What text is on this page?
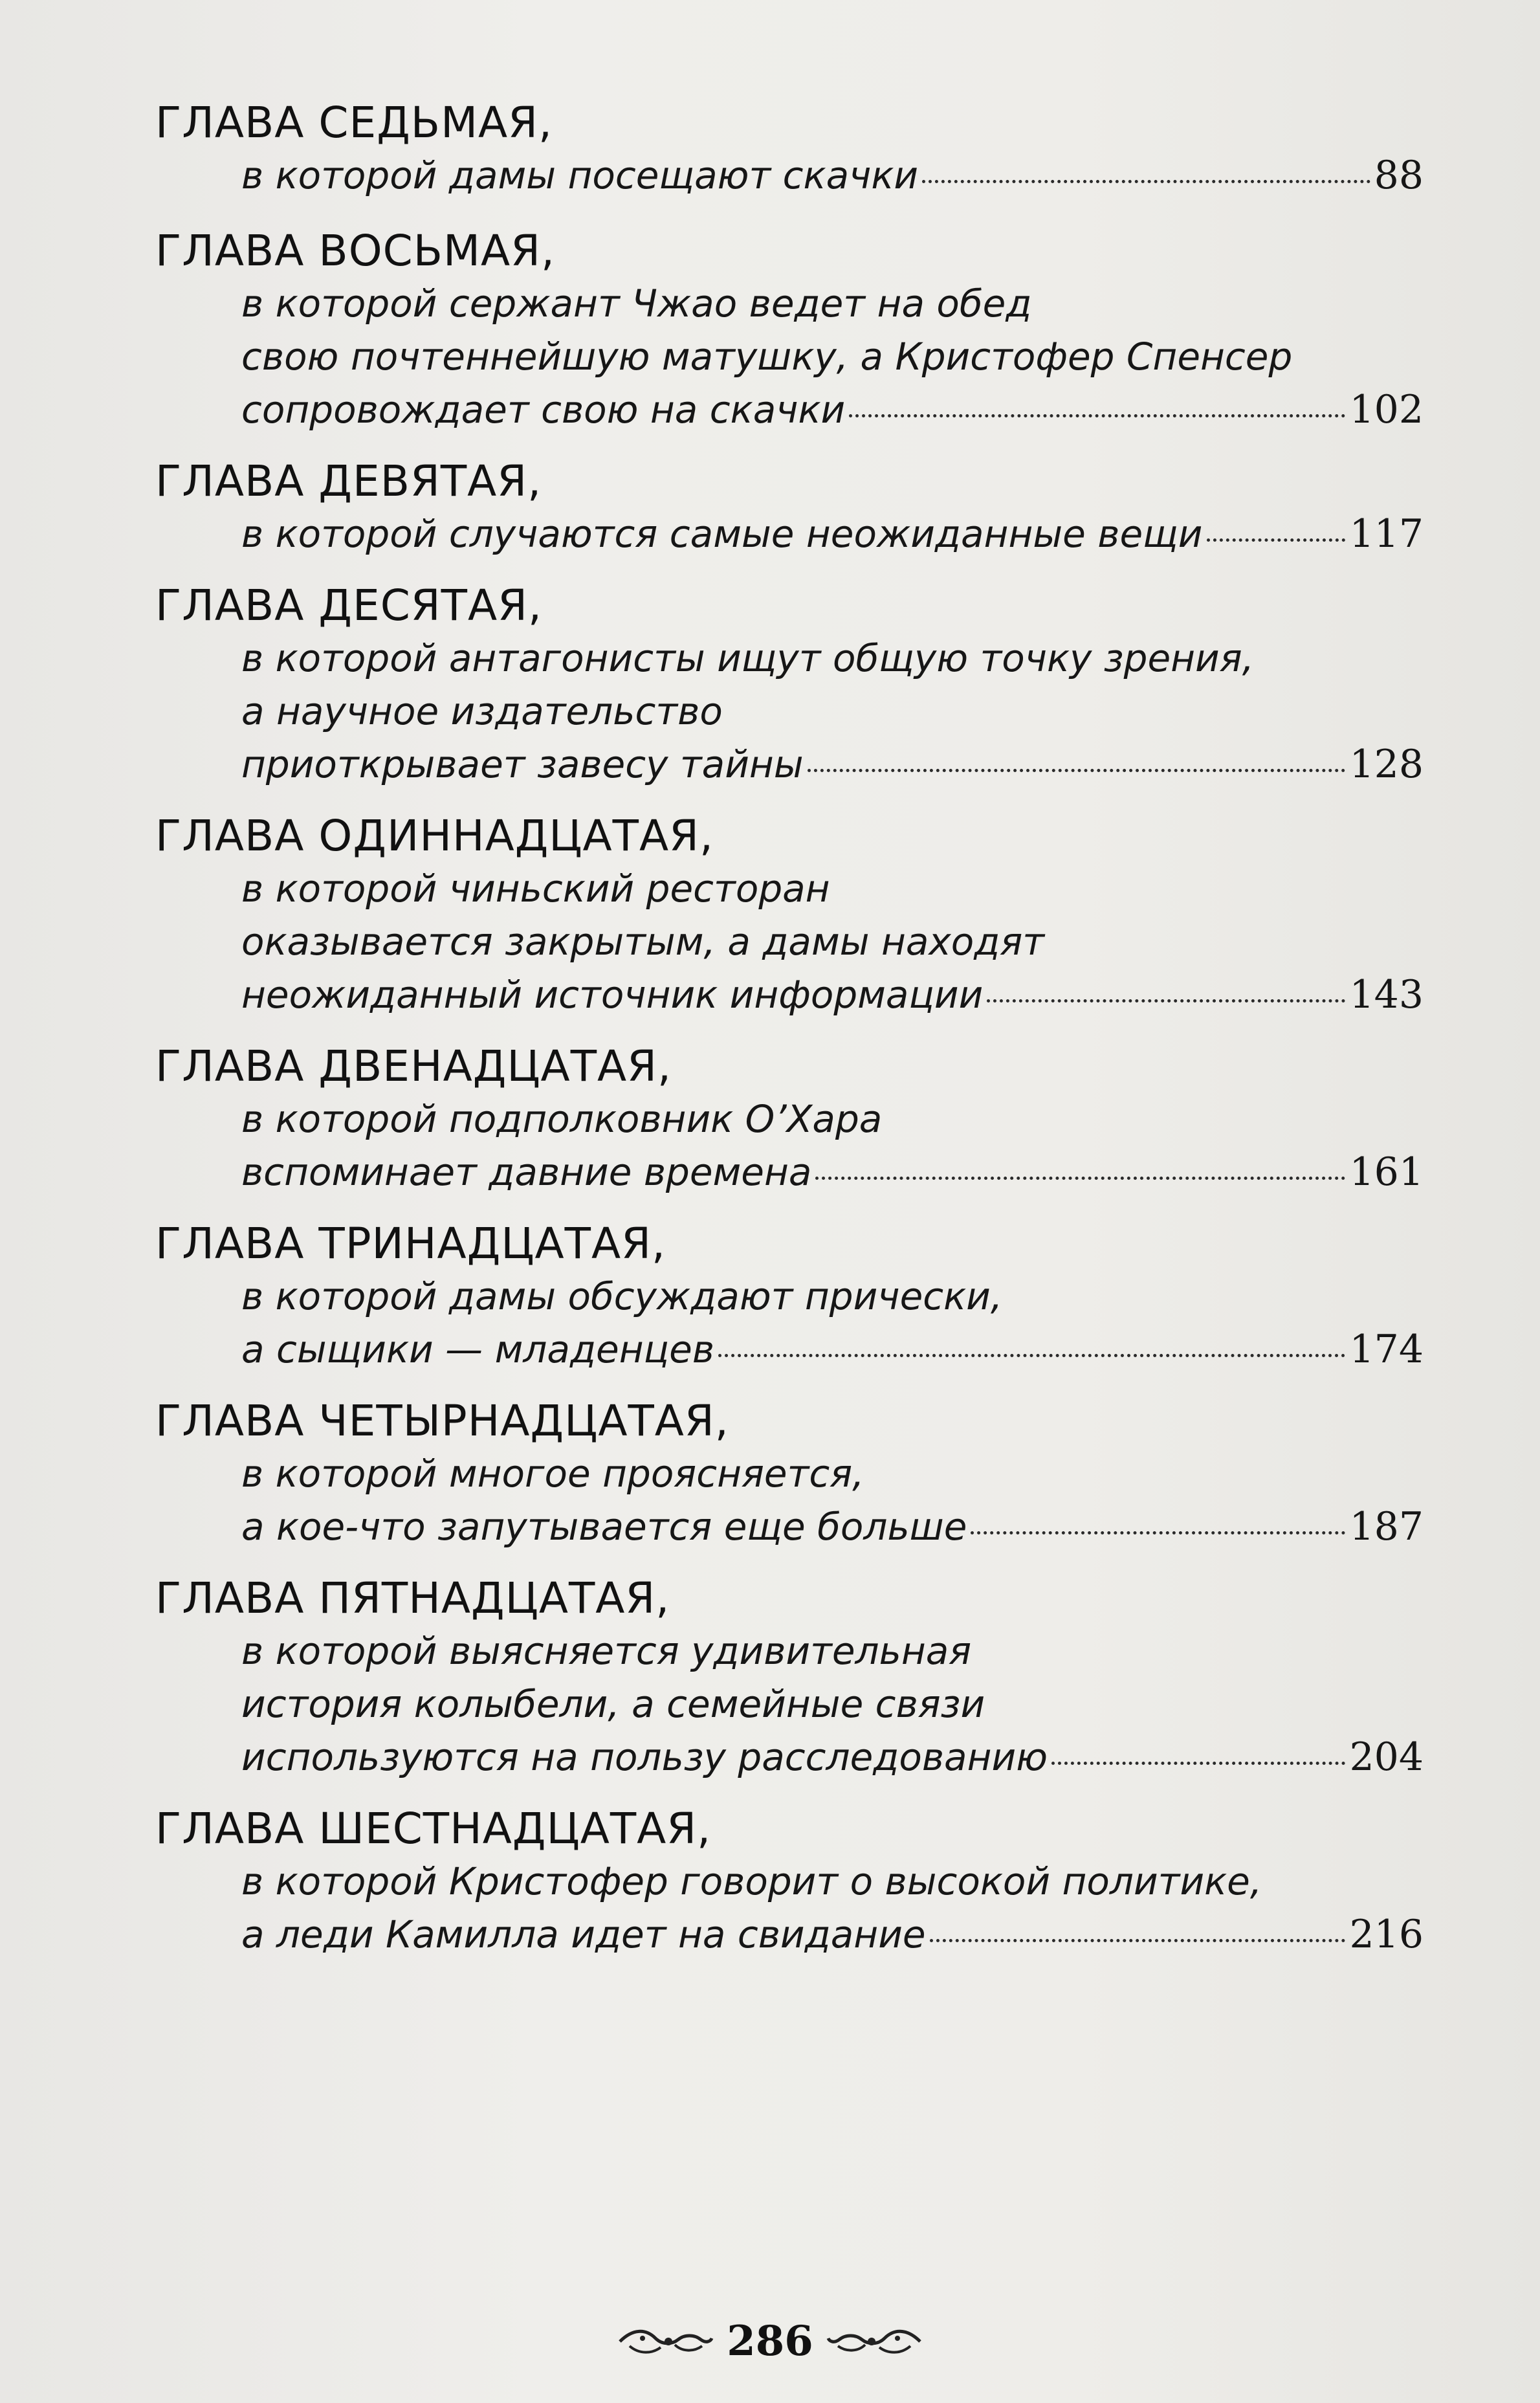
ГЛАВА СЕДЬМАЯ,
в которой дамы посещают скачки	88
ГЛАВА ВОСЬМАЯ,
в которой сержант Чжао ведет на обед
свою почтеннейшую матушку, а Кристофер Спенсер
сопровождает свою на скачки	102
ГЛАВА ДЕВЯТАЯ,
в которой случаются самые неожиданные вещи	117
ГЛАВА ДЕСЯТАЯ,
в которой антагонисты ищут общую точку зрения,
а научное издательство
приоткрывает завесу тайны	128
ГЛАВА ОДИННАДЦАТАЯ,
в которой чиньский ресторан
оказывается закрытым, а дамы находят
неожиданный источник информации	143
ГЛАВА ДВЕНАДЦАТАЯ,
в которой подполковник О’Хара
вспоминает давние времена	161
ГЛАВА ТРИНАДЦАТАЯ,
в которой дамы обсуждают прически,
а сыщики — младенцев	174
ГЛАВА ЧЕТЫРНАДЦАТАЯ,
в которой многое проясняется,
а кое-что запутывается еще больше	187
ГЛАВА ПЯТНАДЦАТАЯ,
в которой выясняется удивительная
история колыбели, а семейные связи
используются на пользу расследованию	204
ГЛАВА ШЕСТНАДЦАТАЯ,
в которой Кристофер говорит о высокой политике,
а леди Камилла идет на свидание	216
286
